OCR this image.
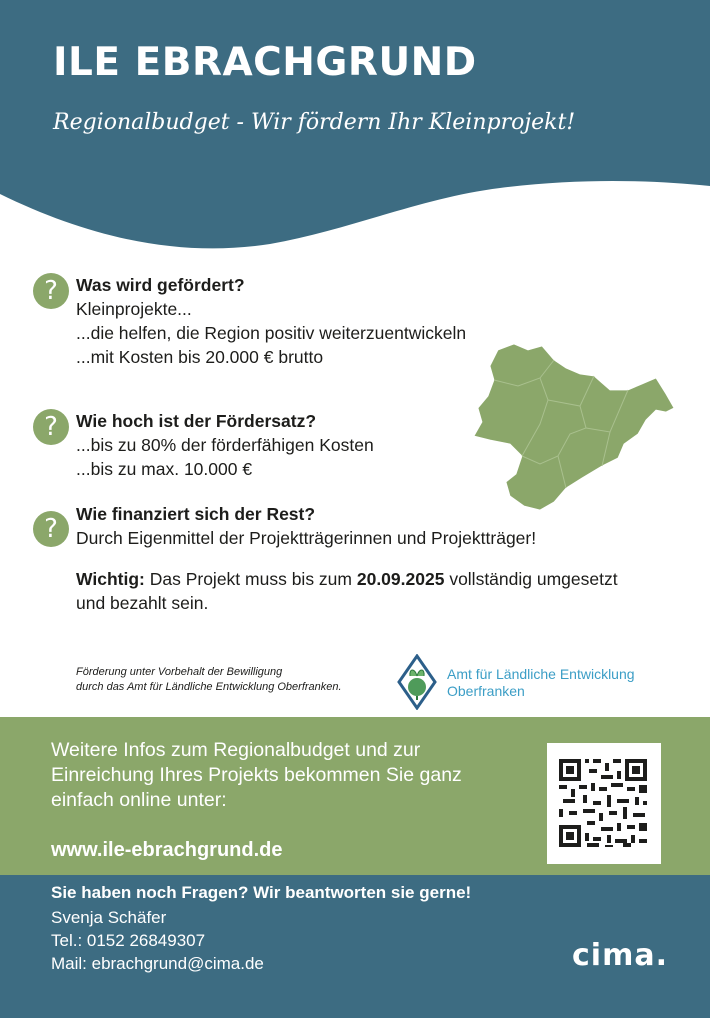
ILE EBRACHGRUND
Regionalbudget - Wir fördern Ihr Kleinprojekt!
?	Was wird gefördert?
Kleinprojekte...
...die helfen, die Region positiv weiterzuentwickeln
...mit Kosten bis 20.000 € brutto
?	Wie hoch ist der Fördersatz?
...bis zu 80% der förderfähigen Kosten
...bis zu max. 10.000 €
?	Wie finanziert sich der Rest?
Durch Eigenmittel der Projektträgerinnen und Projektträger!
Wichtig: Das Projekt muss bis zum 20.09.2025 vollständig umgesetzt und bezahlt sein.
Förderung unter Vorbehalt der Bewilligung
durch das Amt für Ländliche Entwicklung Oberfranken.
Amt für Ländliche Entwicklung
Oberfranken
Weitere Infos zum Regionalbudget und zur Einreichung Ihres Projekts bekommen Sie ganz einfach online unter:
www.ile-ebrachgrund.de
Sie haben noch Fragen? Wir beantworten sie gerne!
Svenja Schäfer
Tel.: 0152 26849307
Mail: ebrachgrund@cima.de	cima.
